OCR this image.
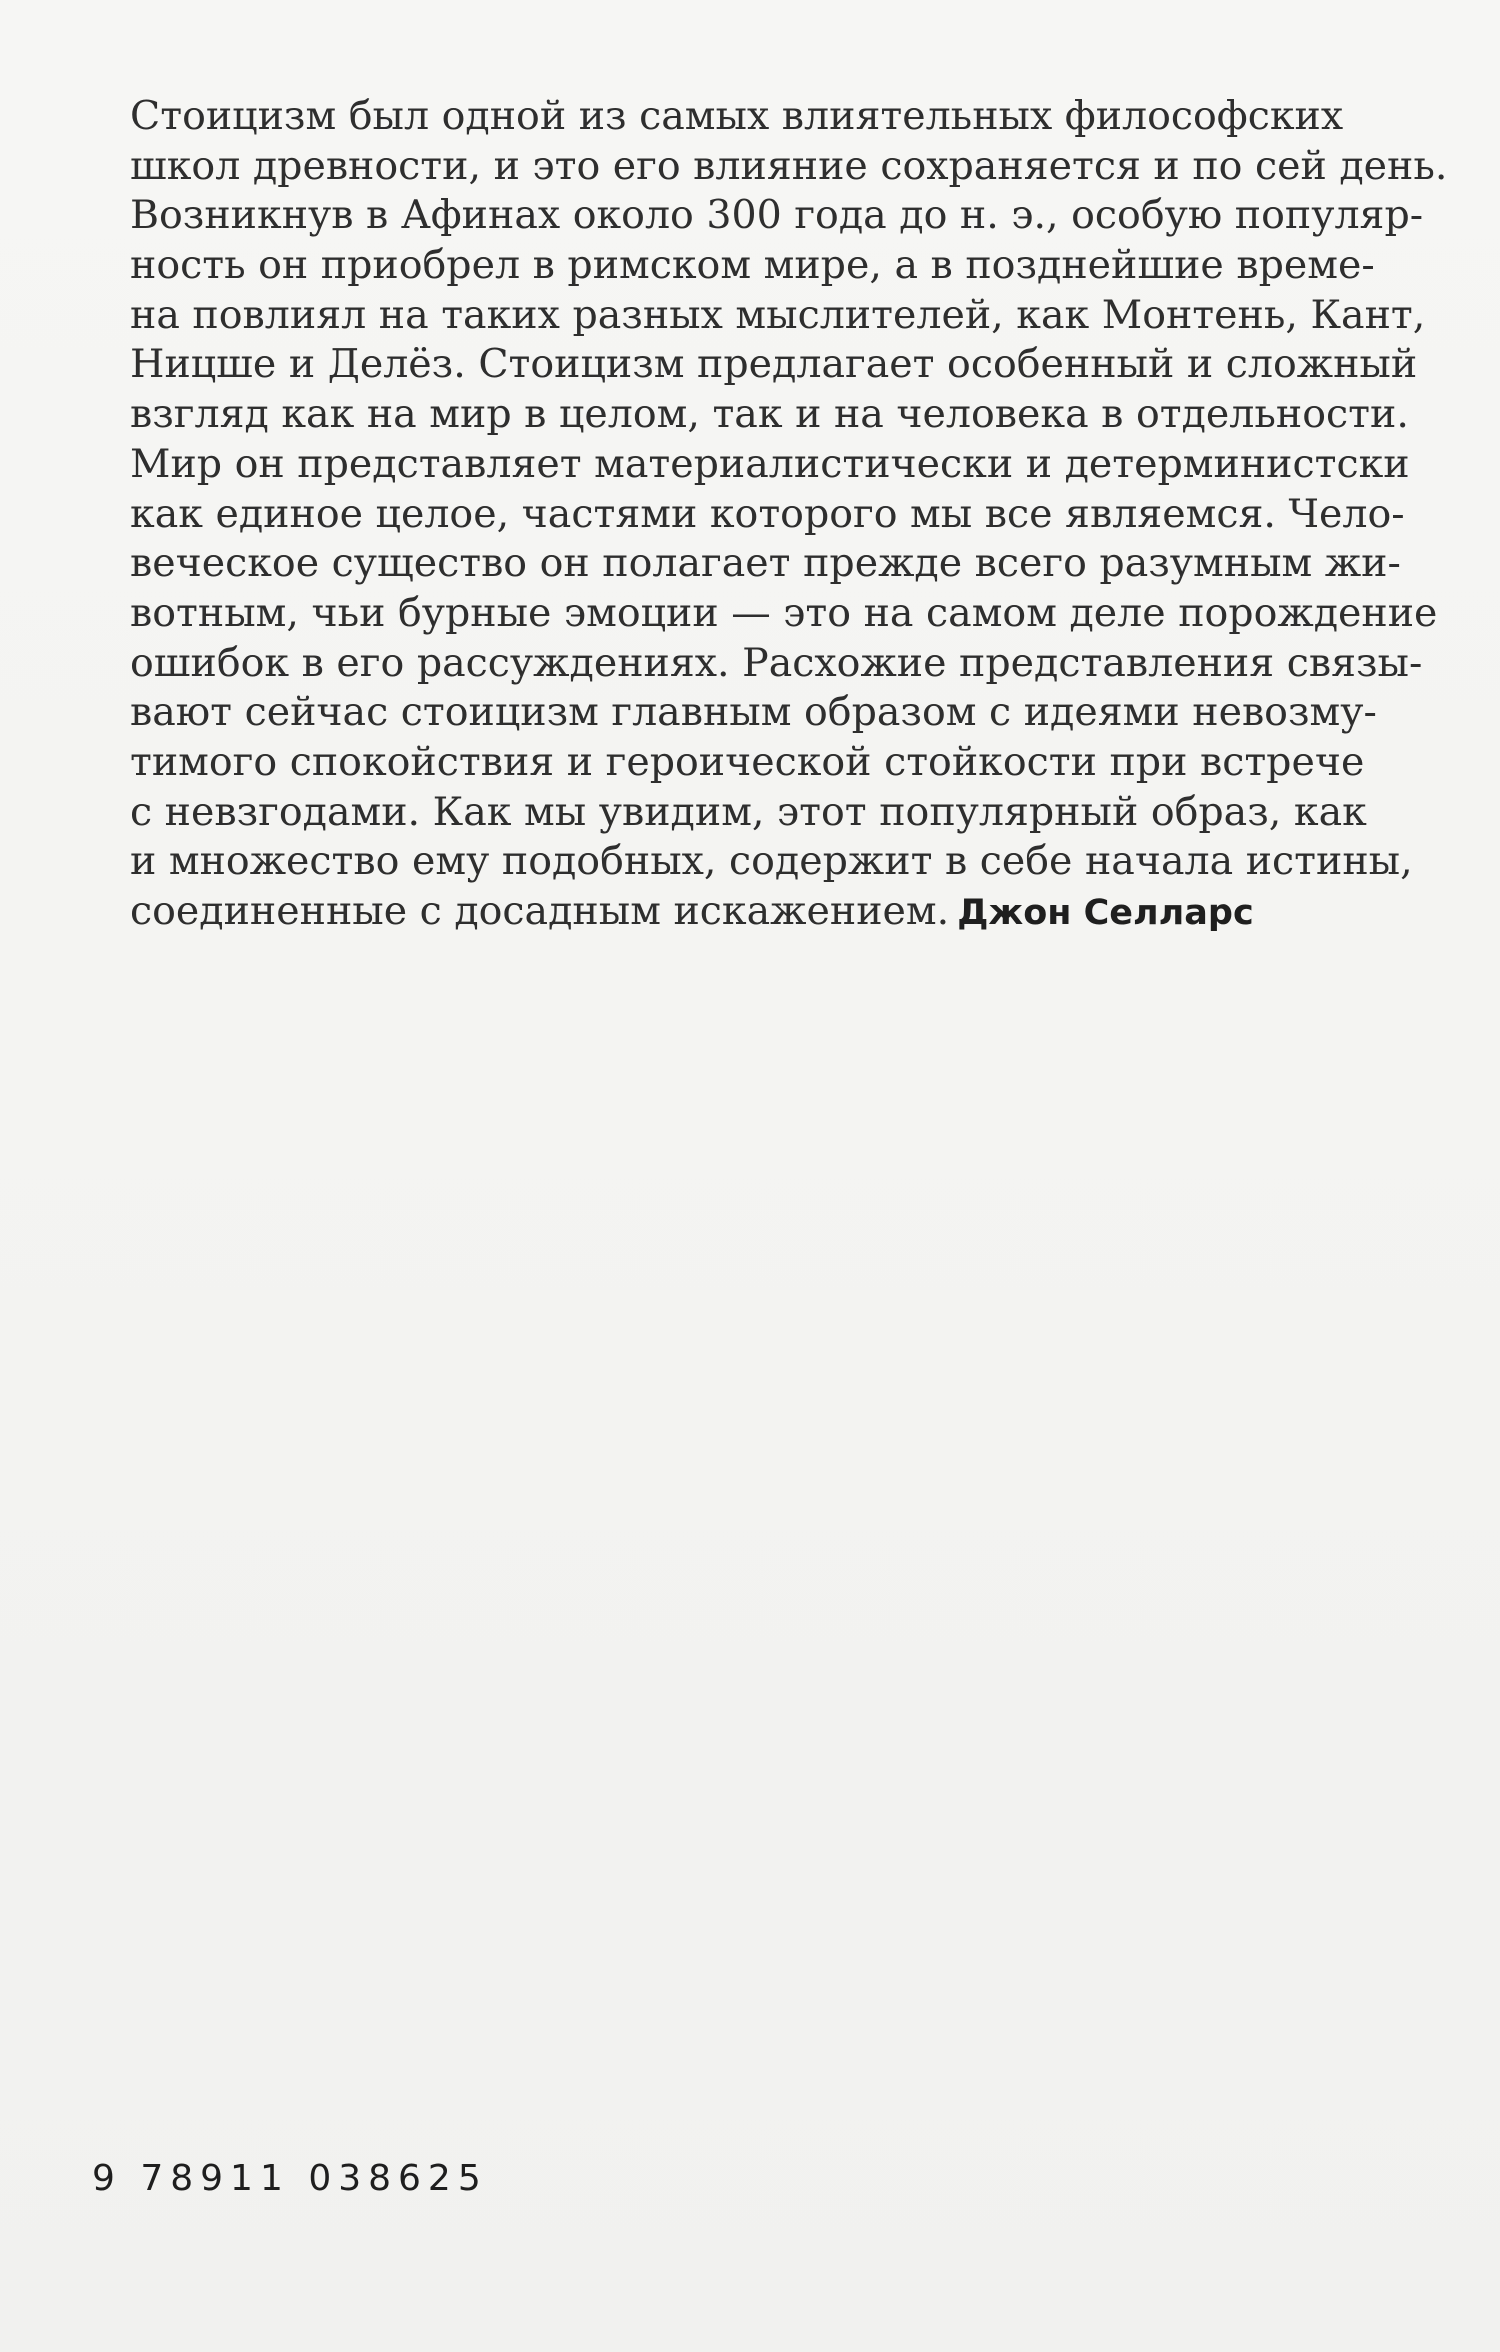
Стоицизм был одной из самых влиятельных философских
школ древности, и это его влияние сохраняется и по сей день.
Возникнув в Афинах около 300 года до н. э., особую популяр-
ность он приобрел в римском мире, а в позднейшие време-
на повлиял на таких разных мыслителей, как Монтень, Кант,
Ницше и Делёз. Стоицизм предлагает особенный и сложный
взгляд как на мир в целом, так и на человека в отдельности.
Мир он представляет материалистически и детерминистски
как единое целое, частями которого мы все являемся. Чело-
веческое существо он полагает прежде всего разумным жи-
вотным, чьи бурные эмоции — это на самом деле порождение
ошибок в его рассуждениях. Расхожие представления связы-
вают сейчас стоицизм главным образом с идеями невозму-
тимого спокойствия и героической стойкости при встрече
с невзгодами. Как мы увидим, этот популярный образ, как
и множество ему подобных, содержит в себе начала истины,
соединенные с досадным искажением. Джон Селларс
9 78911 038625
